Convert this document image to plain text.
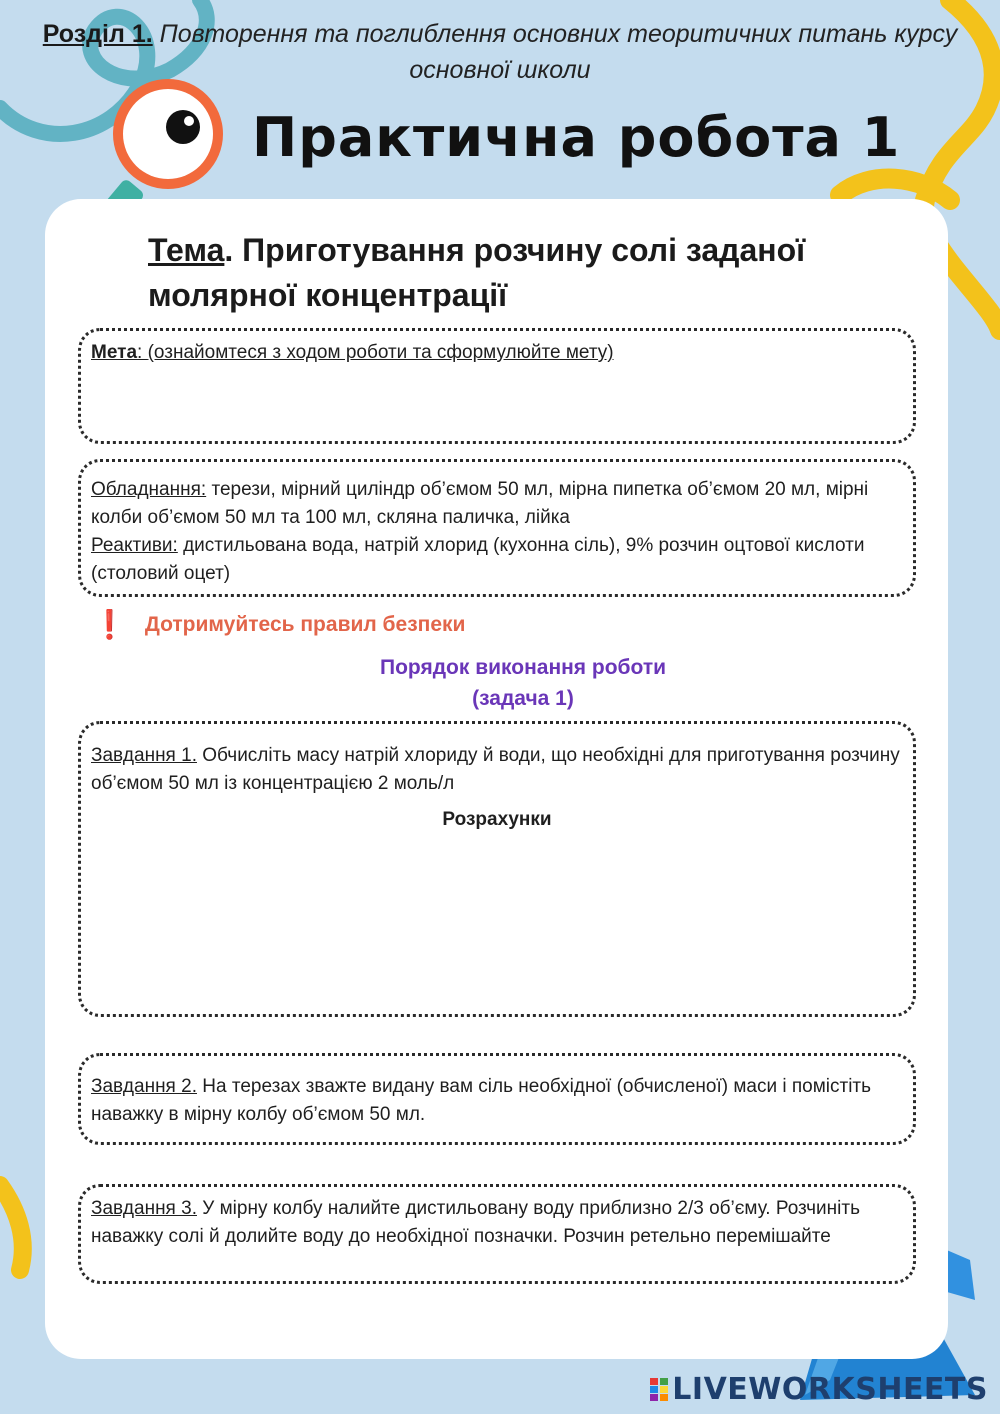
Розділ 1. Повторення та поглиблення основних теоритичних питань курсу основної школи
Практична робота 1
Тема. Приготування розчину солі заданої молярної концентрації
Мета: (ознайомтеся з ходом роботи та сформулюйте мету)
Обладнання: терези, мірний циліндр об’ємом 50 мл, мірна пипетка об’ємом 20 мл, мірні колби об’ємом 50 мл та 100 мл, скляна паличка, лійка
Реактиви: дистильована вода, натрій хлорид (кухонна сіль), 9% розчин оцтової кислоти (столовий оцет)
❗ Дотримуйтесь правил безпеки
Порядок виконання роботи
(задача 1)
Завдання 1. Обчисліть масу натрій хлориду й води, що необхідні для приготування розчину об’ємом 50 мл із концентрацією 2 моль/л
Розрахунки
Завдання 2. На терезах зважте видану вам сіль необхідної (обчисленої) маси і помістіть наважку в мірну колбу об’ємом 50 мл.
Завдання 3. У мірну колбу налийте дистильовану воду приблизно 2/3 об’єму. Розчиніть наважку солі й долийте воду до необхідної позначки. Розчин ретельно перемішайте
LIVEWORKSHEETS
